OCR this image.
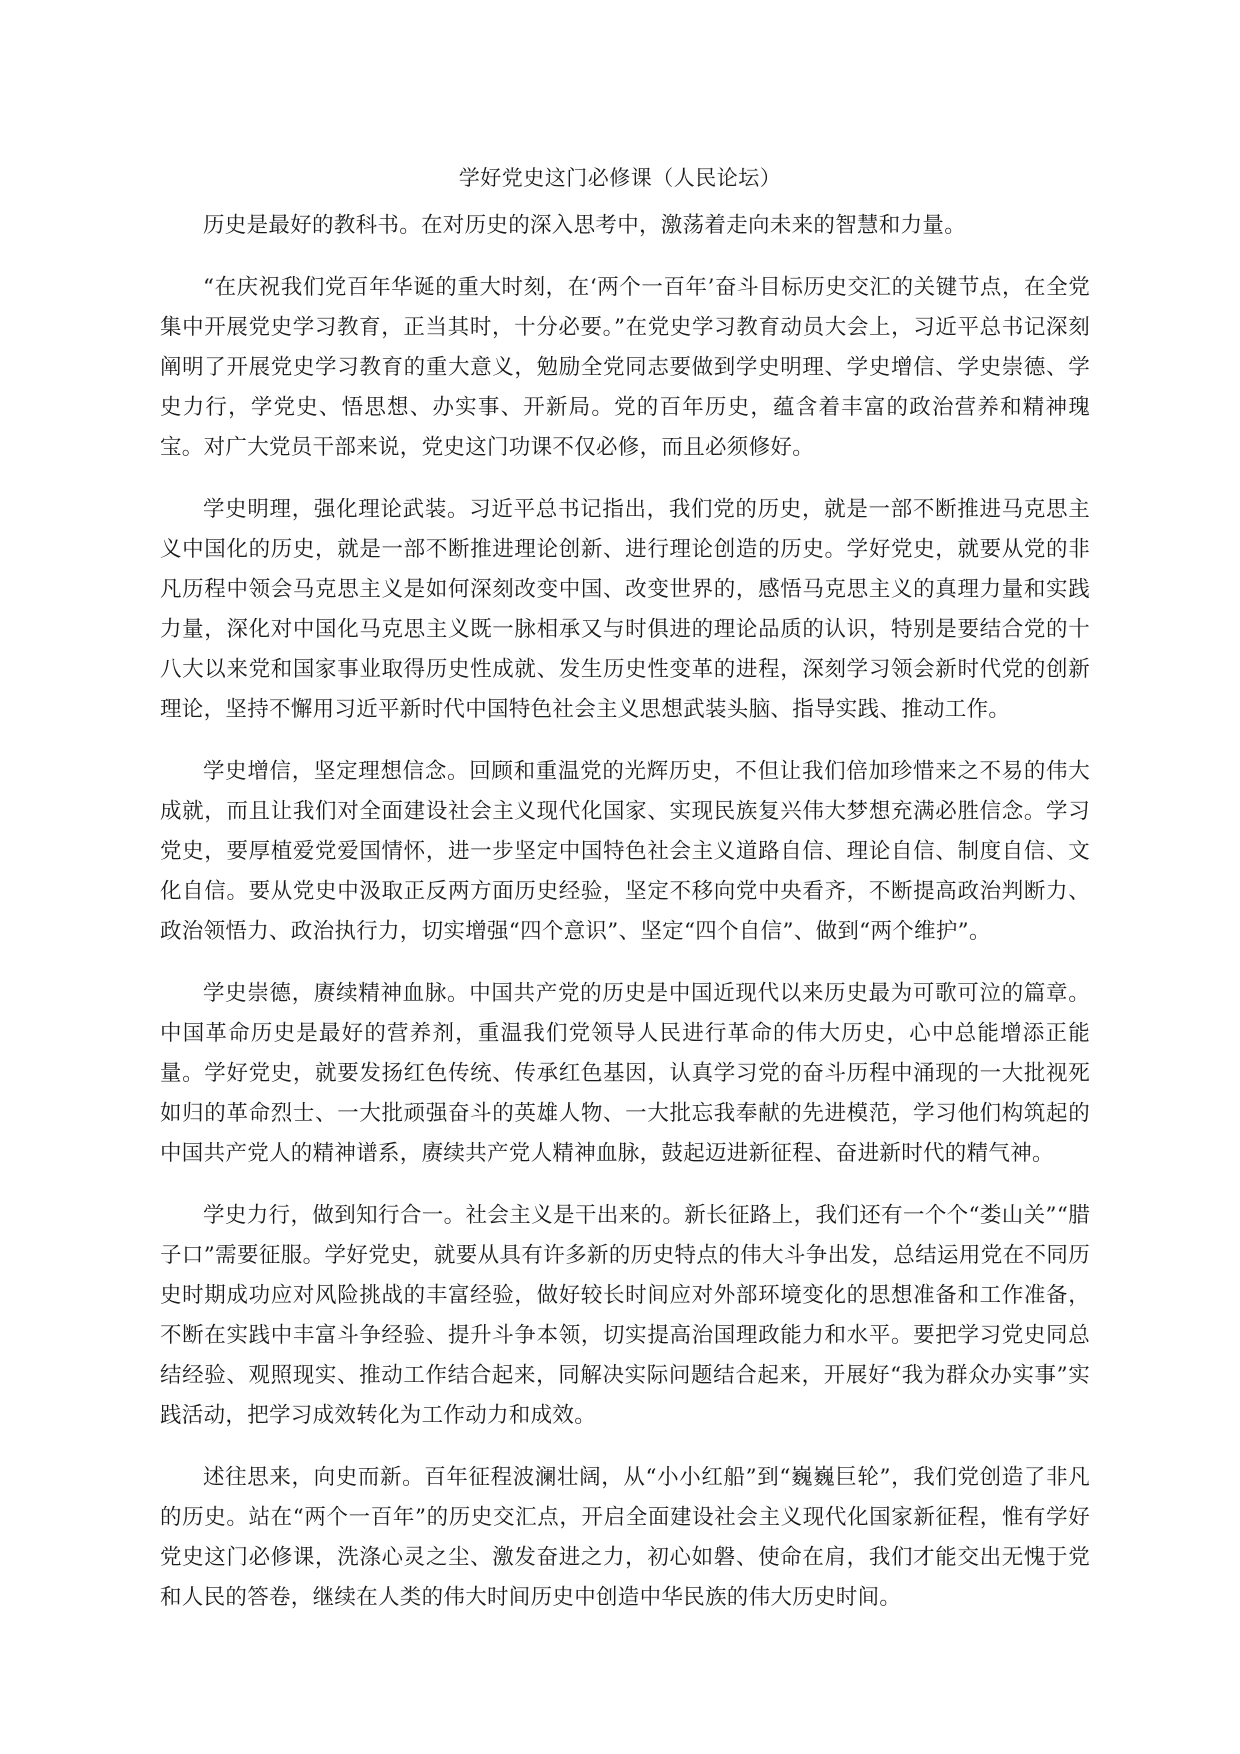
学好党史这门必修课（人民论坛）

历史是最好的教科书。在对历史的深入思考中，激荡着走向未来的智慧和力量。

“在庆祝我们党百年华诞的重大时刻，在‘两个一百年’奋斗目标历史交汇的关键节点，在全党集中开展党史学习教育，正当其时，十分必要。”在党史学习教育动员大会上，习近平总书记深刻阐明了开展党史学习教育的重大意义，勉励全党同志要做到学史明理、学史增信、学史崇德、学史力行，学党史、悟思想、办实事、开新局。党的百年历史，蕴含着丰富的政治营养和精神瑰宝。对广大党员干部来说，党史这门功课不仅必修，而且必须修好。

学史明理，强化理论武装。习近平总书记指出，我们党的历史，就是一部不断推进马克思主义中国化的历史，就是一部不断推进理论创新、进行理论创造的历史。学好党史，就要从党的非凡历程中领会马克思主义是如何深刻改变中国、改变世界的，感悟马克思主义的真理力量和实践力量，深化对中国化马克思主义既一脉相承又与时俱进的理论品质的认识，特别是要结合党的十八大以来党和国家事业取得历史性成就、发生历史性变革的进程，深刻学习领会新时代党的创新理论，坚持不懈用习近平新时代中国特色社会主义思想武装头脑、指导实践、推动工作。

学史增信，坚定理想信念。回顾和重温党的光辉历史，不但让我们倍加珍惜来之不易的伟大成就，而且让我们对全面建设社会主义现代化国家、实现民族复兴伟大梦想充满必胜信念。学习党史，要厚植爱党爱国情怀，进一步坚定中国特色社会主义道路自信、理论自信、制度自信、文化自信。要从党史中汲取正反两方面历史经验，坚定不移向党中央看齐，不断提高政治判断力、政治领悟力、政治执行力，切实增强“四个意识”、坚定“四个自信”、做到“两个维护”。

学史崇德，赓续精神血脉。中国共产党的历史是中国近现代以来历史最为可歌可泣的篇章。中国革命历史是最好的营养剂，重温我们党领导人民进行革命的伟大历史，心中总能增添正能量。学好党史，就要发扬红色传统、传承红色基因，认真学习党的奋斗历程中涌现的一大批视死如归的革命烈士、一大批顽强奋斗的英雄人物、一大批忘我奉献的先进模范，学习他们构筑起的中国共产党人的精神谱系，赓续共产党人精神血脉，鼓起迈进新征程、奋进新时代的精气神。

学史力行，做到知行合一。社会主义是干出来的。新长征路上，我们还有一个个“娄山关”“腊子口”需要征服。学好党史，就要从具有许多新的历史特点的伟大斗争出发，总结运用党在不同历史时期成功应对风险挑战的丰富经验，做好较长时间应对外部环境变化的思想准备和工作准备，不断在实践中丰富斗争经验、提升斗争本领，切实提高治国理政能力和水平。要把学习党史同总结经验、观照现实、推动工作结合起来，同解决实际问题结合起来，开展好“我为群众办实事”实践活动，把学习成效转化为工作动力和成效。

述往思来，向史而新。百年征程波澜壮阔，从“小小红船”到“巍巍巨轮”，我们党创造了非凡的历史。站在“两个一百年”的历史交汇点，开启全面建设社会主义现代化国家新征程，惟有学好党史这门必修课，洗涤心灵之尘、激发奋进之力，初心如磐、使命在肩，我们才能交出无愧于党和人民的答卷，继续在人类的伟大时间历史中创造中华民族的伟大历史时间。
